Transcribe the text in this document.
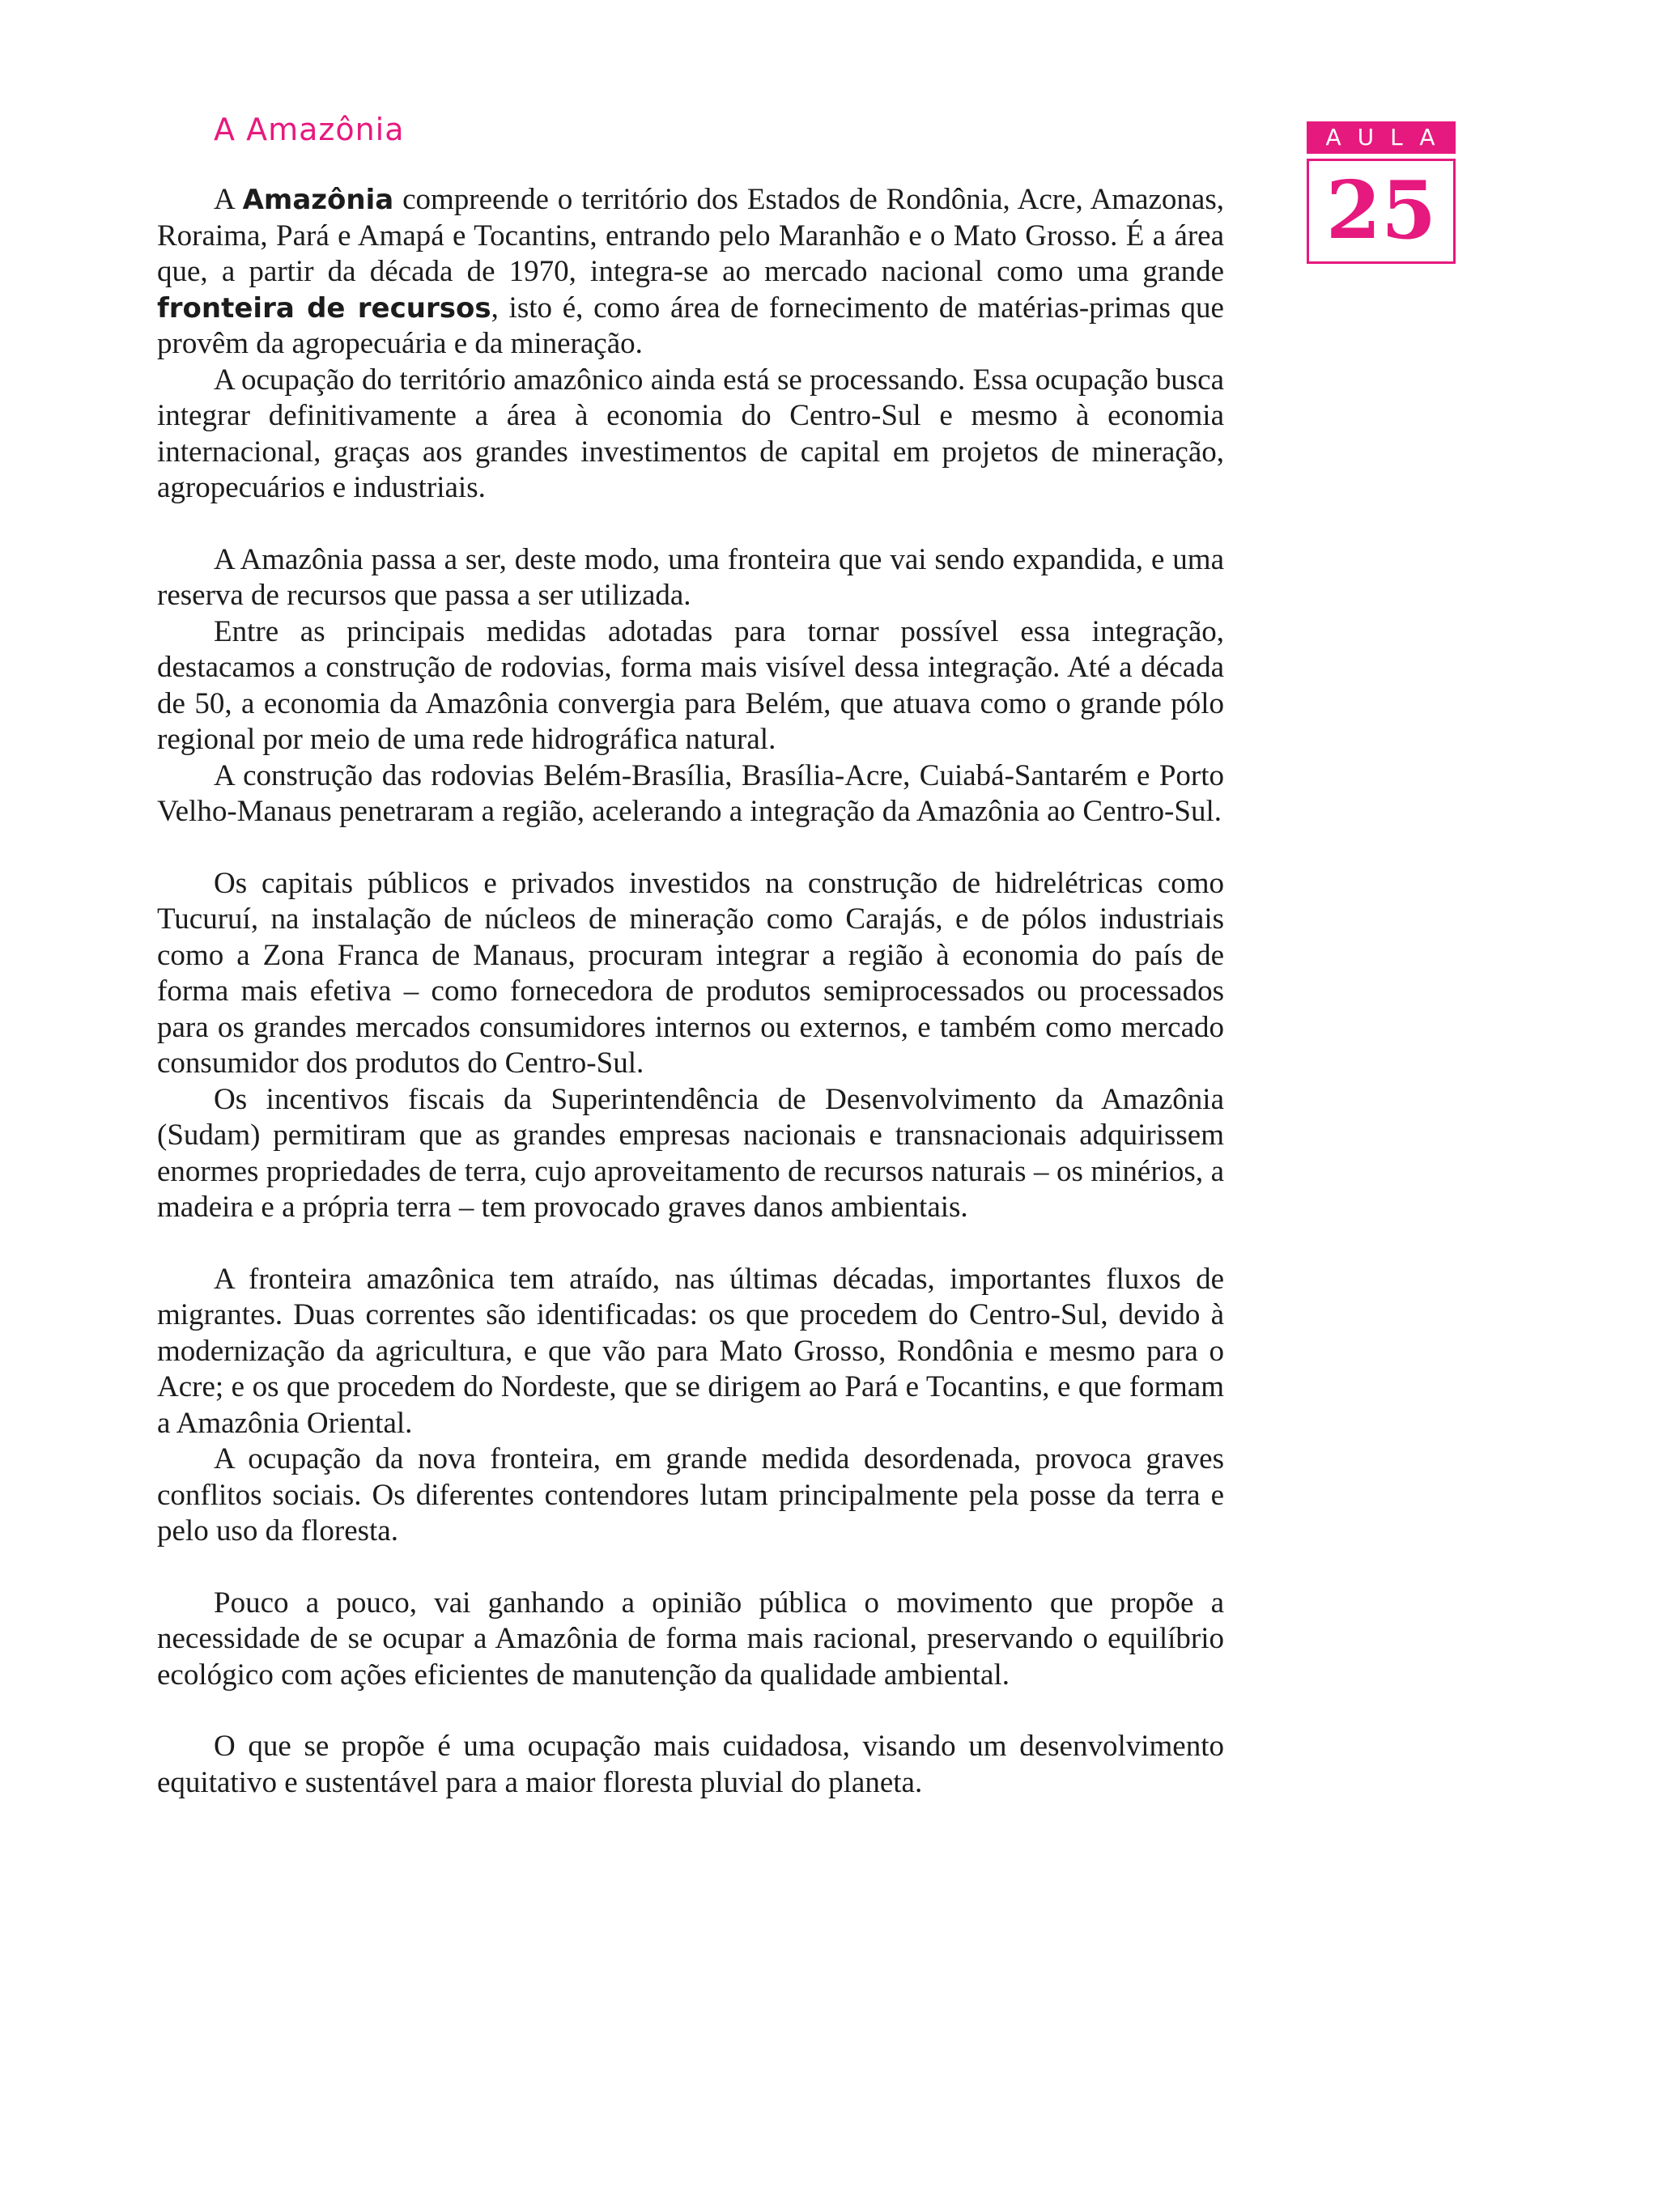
A Amazônia	AULA
25

A Amazônia compreende o território dos Estados de Rondônia, Acre, Amazonas, Roraima, Pará e Amapá e Tocantins, entrando pelo Maranhão e o Mato Grosso. É a área que, a partir da década de 1970, integra-se ao mercado nacional como uma grande fronteira de recursos, isto é, como área de fornecimento de matérias-primas que provêm da agropecuária e da mineração.

A ocupação do território amazônico ainda está se processando. Essa ocupação busca integrar definitivamente a área à economia do Centro-Sul e mesmo à economia internacional, graças aos grandes investimentos de capital em projetos de mineração, agropecuários e industriais.

A Amazônia passa a ser, deste modo, uma fronteira que vai sendo expandida, e uma reserva de recursos que passa a ser utilizada.

Entre as principais medidas adotadas para tornar possível essa integração, destacamos a construção de rodovias, forma mais visível dessa integração. Até a década de 50, a economia da Amazônia convergia para Belém, que atuava como o grande pólo regional por meio de uma rede hidrográfica natural.

A construção das rodovias Belém-Brasília, Brasília-Acre, Cuiabá-Santarém e Porto Velho-Manaus penetraram a região, acelerando a integração da Amazônia ao Centro-Sul.

Os capitais públicos e privados investidos na construção de hidrelétricas como Tucuruí, na instalação de núcleos de mineração como Carajás, e de pólos industriais como a Zona Franca de Manaus, procuram integrar a região à economia do país de forma mais efetiva – como fornecedora de produtos semiprocessados ou processados para os grandes mercados consumidores internos ou externos, e também como mercado consumidor dos produtos do Centro-Sul.

Os incentivos fiscais da Superintendência de Desenvolvimento da Amazônia (Sudam) permitiram que as grandes empresas nacionais e transnacionais adquirissem enormes propriedades de terra, cujo aproveitamento de recursos naturais – os minérios, a madeira e a própria terra – tem provocado graves danos ambientais.

A fronteira amazônica tem atraído, nas últimas décadas, importantes fluxos de migrantes. Duas correntes são identificadas: os que procedem do Centro-Sul, devido à modernização da agricultura, e que vão para Mato Grosso, Rondônia e mesmo para o Acre; e os que procedem do Nordeste, que se dirigem ao Pará e Tocantins, e que formam a Amazônia Oriental.

A ocupação da nova fronteira, em grande medida desordenada, provoca graves conflitos sociais. Os diferentes contendores lutam principalmente pela posse da terra e pelo uso da floresta.

Pouco a pouco, vai ganhando a opinião pública o movimento que propõe a necessidade de se ocupar a Amazônia de forma mais racional, preservando o equilíbrio ecológico com ações eficientes de manutenção da qualidade ambiental.

O que se propõe é uma ocupação mais cuidadosa, visando um desenvolvimento equitativo e sustentável para a maior floresta pluvial do planeta.
